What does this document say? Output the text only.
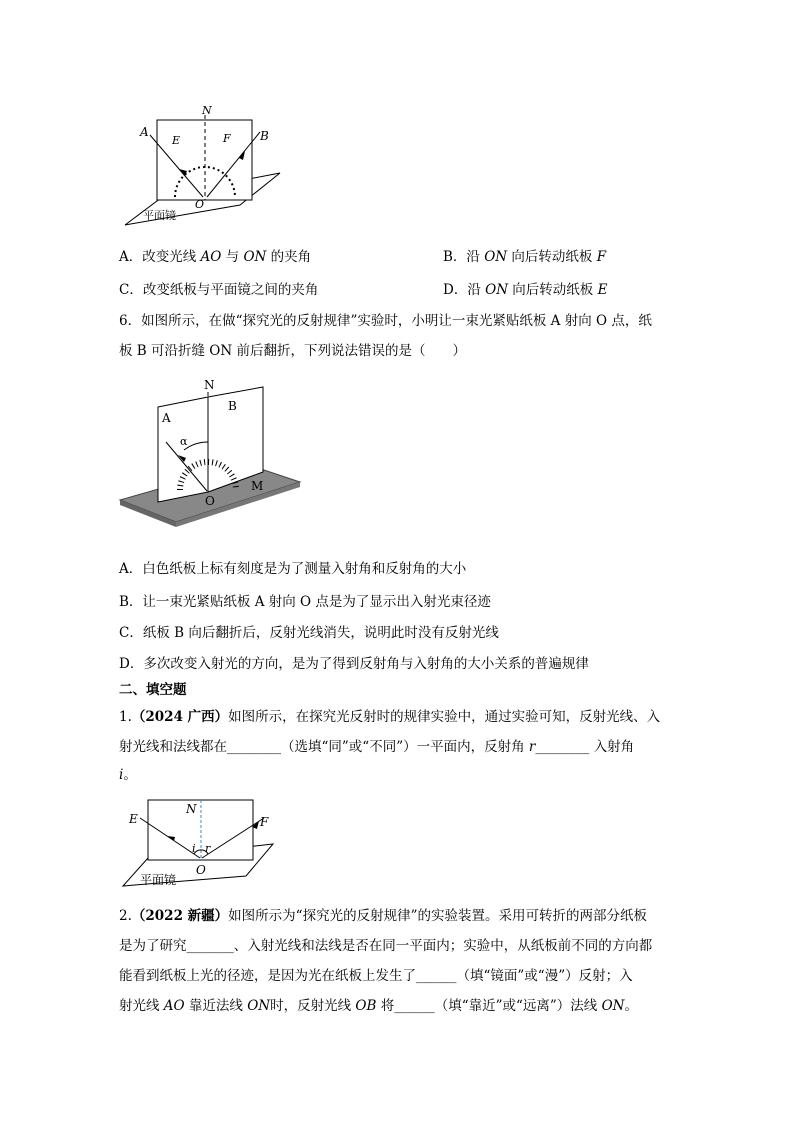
N
A
E	F B
O
平面镜
A．改变光线 AO 与 ON 的夹角	B．沿 ON 向后转动纸板 F
C．改变纸板与平面镜之间的夹角	D．沿 ON 向后转动纸板 E
6．如图所示，在做“探究光的反射规律”实验时，小明让一束光紧贴纸板 A 射向 O 点，纸
板 B 可沿折缝 ON 前后翻折，下列说法错误的是（　　）
N
A
B
α
O
M
A．白色纸板上标有刻度是为了测量入射角和反射角的大小
B．让一束光紧贴纸板 A 射向 O 点是为了显示出入射光束径迹
C．纸板 B 向后翻折后，反射光线消失，说明此时没有反射光线
D．多次改变入射光的方向，是为了得到反射角与入射角的大小关系的普遍规律
二、填空题
1.（2024 广西）如图所示，在探究光反射时的规律实验中，通过实验可知，反射光线、入
射光线和法线都在________（选填“同”或“不同”）一平面内，反射角 r________ 入射角
i。
E
N
F
i r
O
平面镜
2.（2022 新疆）如图所示为“探究光的反射规律”的实验装置。采用可转折的两部分纸板
是为了研究_______、入射光线和法线是否在同一平面内；实验中，从纸板前不同的方向都
能看到纸板上光的径迹，是因为光在纸板上发生了______（填“镜面”或“漫”）反射；入
射光线 AO 靠近法线 ON时，反射光线 OB 将______（填“靠近”或“远离”）法线 ON。
